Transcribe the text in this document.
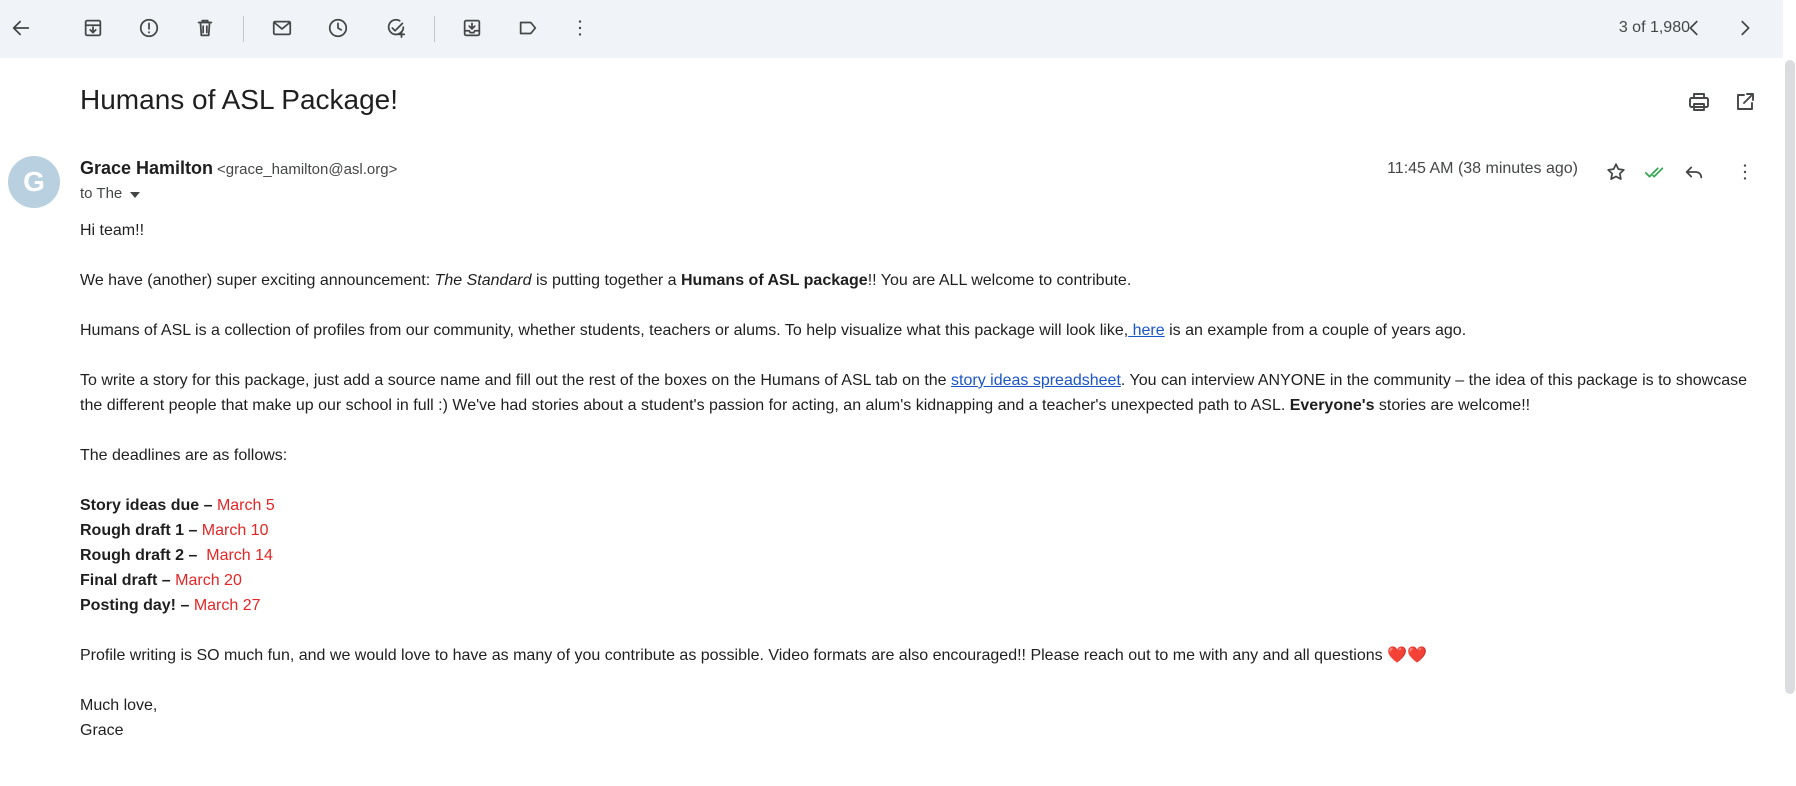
3 of 1,980
Humans of ASL Package!
G	Grace Hamilton <grace_hamilton@asl.org>
to The
11:45 AM (38 minutes ago)

Hi team!!

We have (another) super exciting announcement: The Standard is putting together a Humans of ASL package!! You are ALL welcome to contribute.

Humans of ASL is a collection of profiles from our community, whether students, teachers or alums. To help visualize what this package will look like, here is an example from a couple of years ago.

To write a story for this package, just add a source name and fill out the rest of the boxes on the Humans of ASL tab on the story ideas spreadsheet. You can interview ANYONE in the community – the idea of this package is to showcase the different people that make up our school in full :) We've had stories about a student's passion for acting, an alum's kidnapping and a teacher's unexpected path to ASL. Everyone's stories are welcome!!

The deadlines are as follows:

Story ideas due – March 5
Rough draft 1 – March 10
Rough draft 2 –  March 14
Final draft – March 20
Posting day! – March 27

Profile writing is SO much fun, and we would love to have as many of you contribute as possible. Video formats are also encouraged!! Please reach out to me with any and all questions ❤️❤️

Much love,

Grace
